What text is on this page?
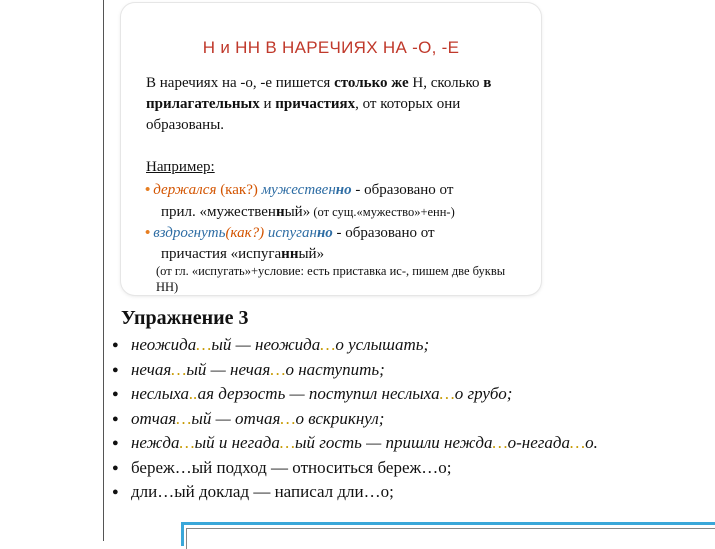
Н и НН В НАРЕЧИЯХ НА -О, -Е
В наречиях на -о, -е пишется столько же Н, сколько в прилагательных и причастиях, от которых они образованы.
Например:
• держался (как?) мужественно - образовано от
прил. «мужественный» (от сущ.«мужество»+енн-)
• вздрогнуть(как?) испуганно - образовано от
причастия «испуганный»
(от гл. «испугать»+условие: есть приставка ис-, пишем две буквы НН)
Упражнение 3
● неожида…ый — неожида…о услышать;
● нечая…ый — нечая…о наступить;
● неслыха..ая дерзость — поступил неслыха…о грубо;
● отчая…ый — отчая…о вскрикнул;
● нежда…ый и негада…ый гость — пришли нежда…о-негада…о.
● береж…ый подход — относиться береж…о;
● дли…ый доклад — написал дли…о;
